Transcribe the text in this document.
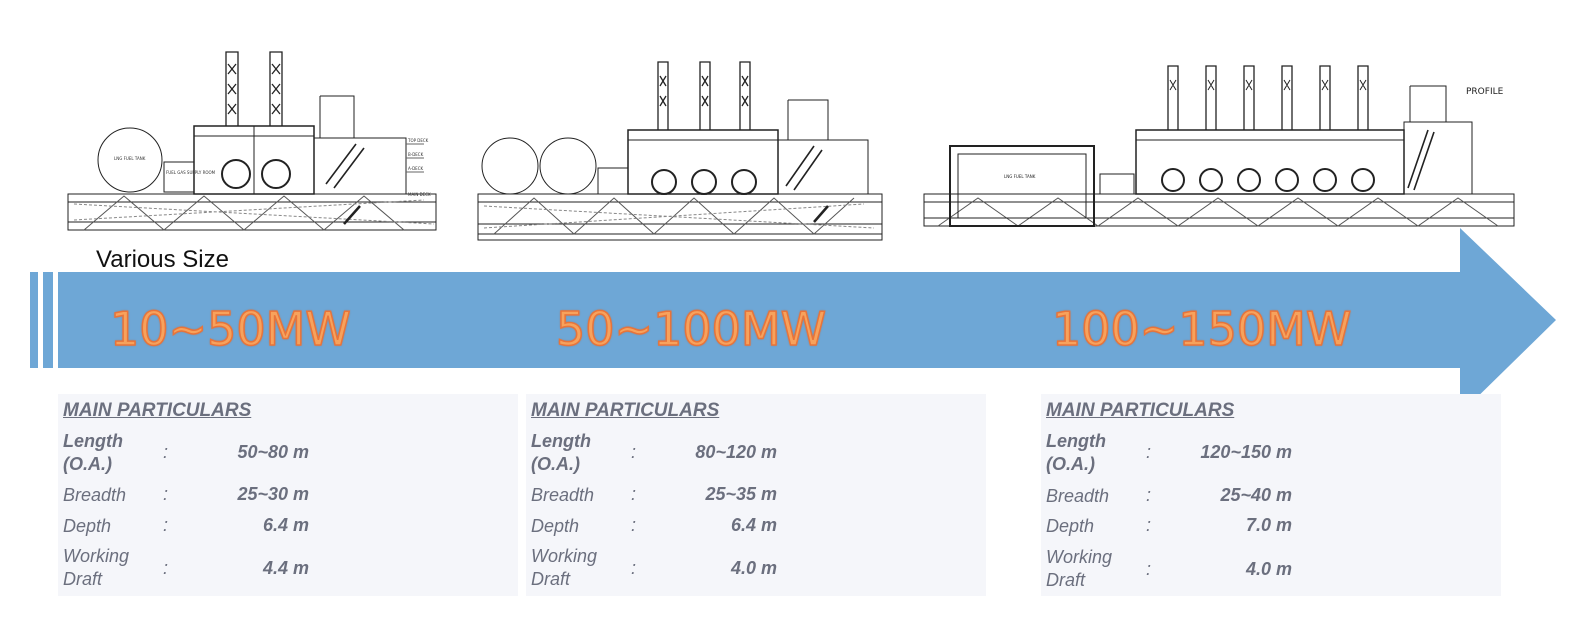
LNG FUEL TANK
FUEL GAS SUPPLY ROOM
TOP DECK
B-DECK
A-DECK
MAIN DECK
PROFILE
LNG FUEL TANK
Various Size
10~50MW	50~100MW	100~150MW
MAIN PARTICULARS
Length
(O.A.)
:	50~80 m
Breadth :	25~30 m
Depth	:	6.4 m
Working
Draft
:	4.4 m
MAIN PARTICULARS
Length
(O.A.)
:	80~120 m
Breadth :	25~35 m
Depth	:	6.4 m
Working
Draft
:	4.0 m
MAIN PARTICULARS
Length
(O.A.)
:	120~150 m
Breadth :	25~40 m
Depth	:	7.0 m
Working
Draft
:	4.0 m
